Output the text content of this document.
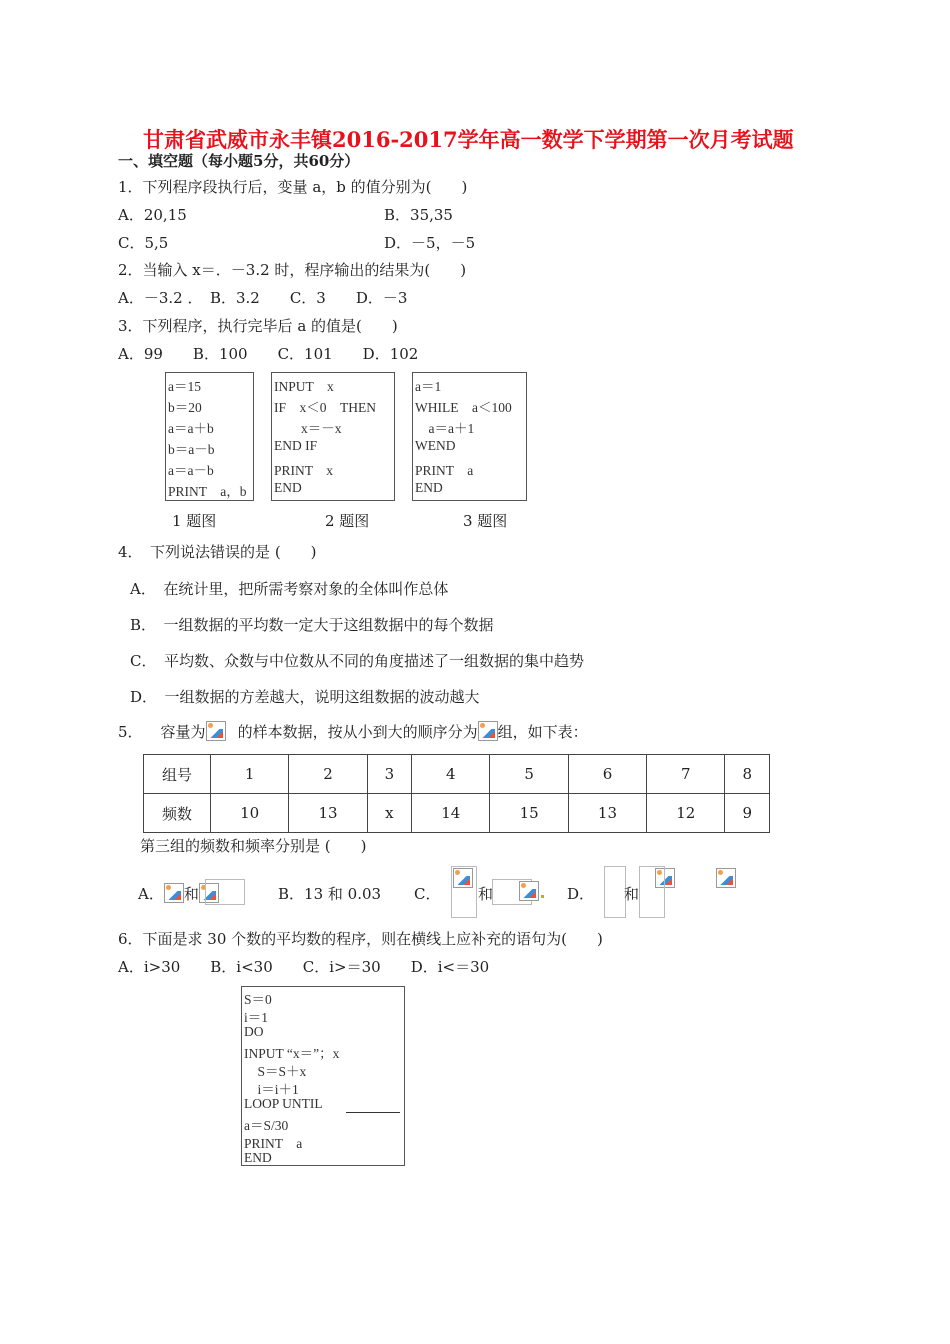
甘肃省武威市永丰镇2016-2017学年高一数学下学期第一次月考试题
一、填空题（每小题5分，共60分）
1．下列程序段执行后，变量 a，b 的值分别为(　　)
A．20,15	B．35,35
C．5,5	D．－5，－5
2．当输入 x＝．－3.2 时，程序输出的结果为(　　)
A．－3.2 ．　B．3.2　　C．3　　D．－3
3．下列程序，执行完毕后 a 的值是(　　)
A．99　　B．100　　C．101　　D．102
a＝15
b＝20
a＝a＋b
b＝a－b
a＝a－b
PRINT　a，b
INPUT　x
IF　x＜0　THEN
　　x＝－x
END IF
PRINT　x
END
a＝1
WHILE　a＜100
　a＝a＋1
WEND
PRINT　a
END
1 题图	2 题图	3 题图
4．　下列说法错误的是 (　　)
A．　在统计里，把所需考察对象的全体叫作总体
B．　一组数据的平均数一定大于这组数据中的每个数据
C．　平均数、众数与中位数从不同的角度描述了一组数据的集中趋势
D．　一组数据的方差越大，说明这组数据的波动越大
5． 容量为 的样本数据，按从小到大的顺序分为 组，如下表：
组号	1	2	3	4	5	6	7	8
频数	10	13	x	14	15	13	12	9
第三组的频数和频率分别是 (　　)
A． 和	B．13 和 0.03 C．
	和
	D．
和
6．下面是求 30 个数的平均数的程序，则在横线上应补充的语句为(　　)
A．i>30　　B．i<30　　C．i>＝30　　D．i<＝30
S＝0
i＝1
DO
INPUT “x＝”；x
　S＝S＋x
　i＝i＋1
LOOP UNTIL
a＝S/30
PRINT　a
END
